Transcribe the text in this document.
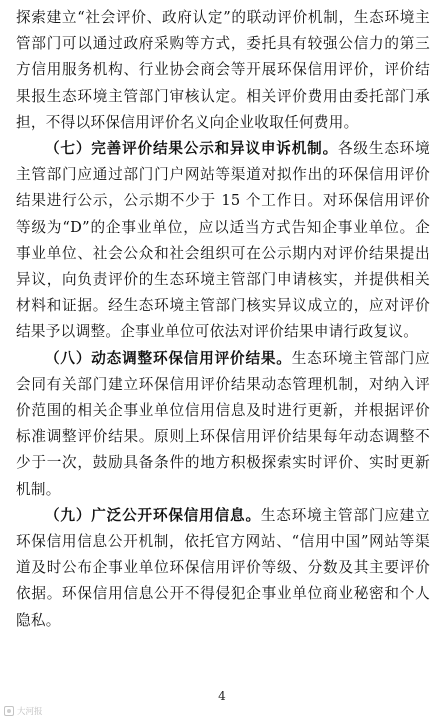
探索建立“社会评价、政府认定”的联动评价机制，生态环境主管部门可以通过政府采购等方式，委托具有较强公信力的第三方信用服务机构、行业协会商会等开展环保信用评价，评价结果报生态环境主管部门审核认定。相关评价费用由委托部门承担，不得以环保信用评价名义向企业收取任何费用。

（七）完善评价结果公示和异议申诉机制。各级生态环境主管部门应通过部门门户网站等渠道对拟作出的环保信用评价结果进行公示，公示期不少于 15 个工作日。对环保信用评价等级为“D”的企事业单位，应以适当方式告知企事业单位。企事业单位、社会公众和社会组织可在公示期内对评价结果提出异议，向负责评价的生态环境主管部门申请核实，并提供相关材料和证据。经生态环境主管部门核实异议成立的，应对评价结果予以调整。企事业单位可依法对评价结果申请行政复议。

（八）动态调整环保信用评价结果。生态环境主管部门应会同有关部门建立环保信用评价结果动态管理机制，对纳入评价范围的相关企事业单位信用信息及时进行更新，并根据评价标准调整评价结果。原则上环保信用评价结果每年动态调整不少于一次，鼓励具备条件的地方积极探索实时评价、实时更新机制。

（九）广泛公开环保信用信息。生态环境主管部门应建立环保信用信息公开机制，依托官方网站、“信用中国”网站等渠道及时公布企事业单位环保信用评价等级、分数及其主要评价依据。环保信用信息公开不得侵犯企事业单位商业秘密和个人隐私。

4
大河报
